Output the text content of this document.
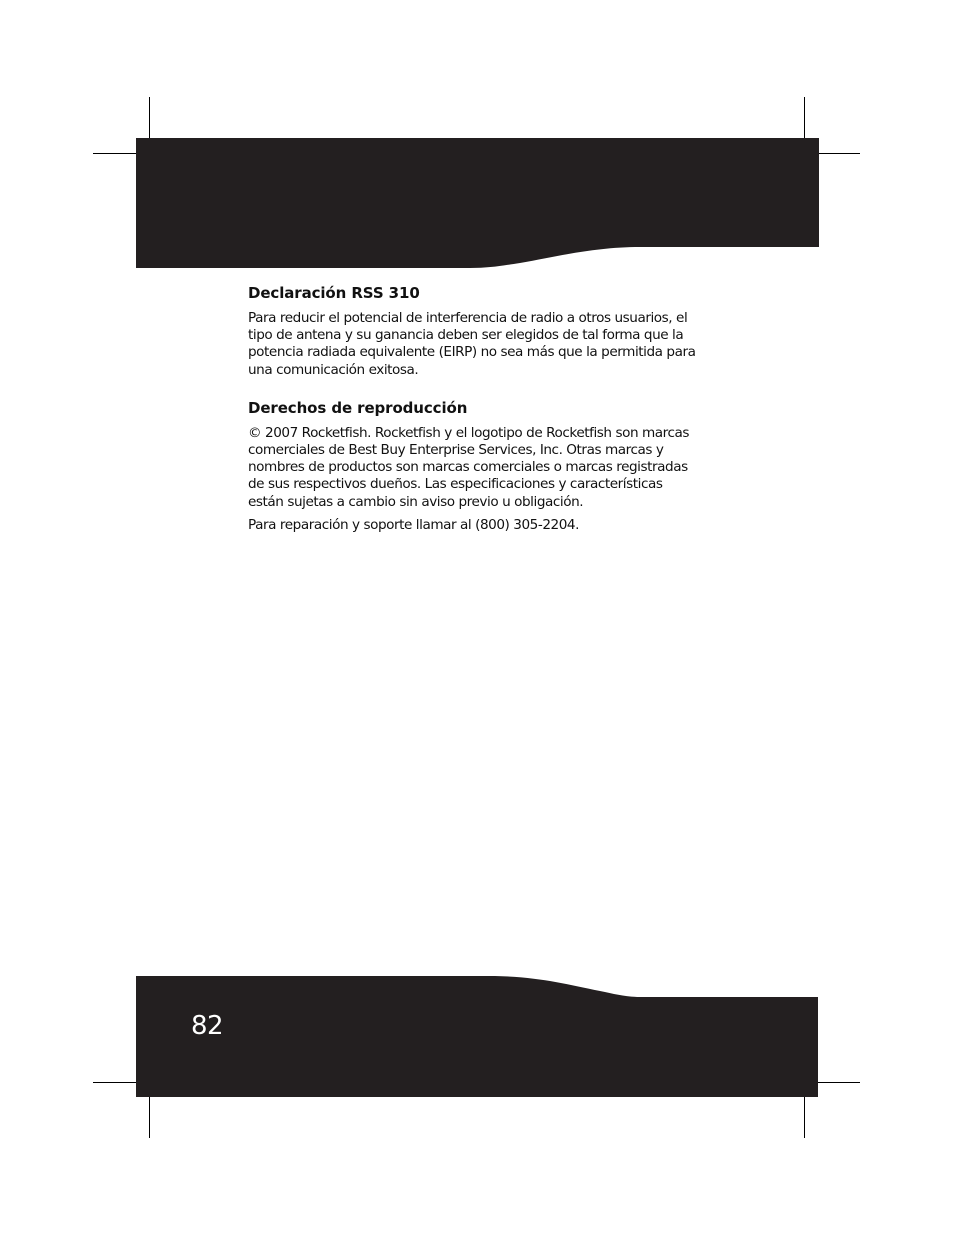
Declaración RSS 310

Para reducir el potencial de interferencia de radio a otros usuarios, el
tipo de antena y su ganancia deben ser elegidos de tal forma que la
potencia radiada equivalente (EIRP) no sea más que la permitida para
una comunicación exitosa.

Derechos de reproducción

© 2007 Rocketfish. Rocketfish y el logotipo de Rocketfish son marcas
comerciales de Best Buy Enterprise Services, Inc. Otras marcas y
nombres de productos son marcas comerciales o marcas registradas
de sus respectivos dueños. Las especificaciones y características
están sujetas a cambio sin aviso previo u obligación.

Para reparación y soporte llamar al (800) 305-2204.

82
